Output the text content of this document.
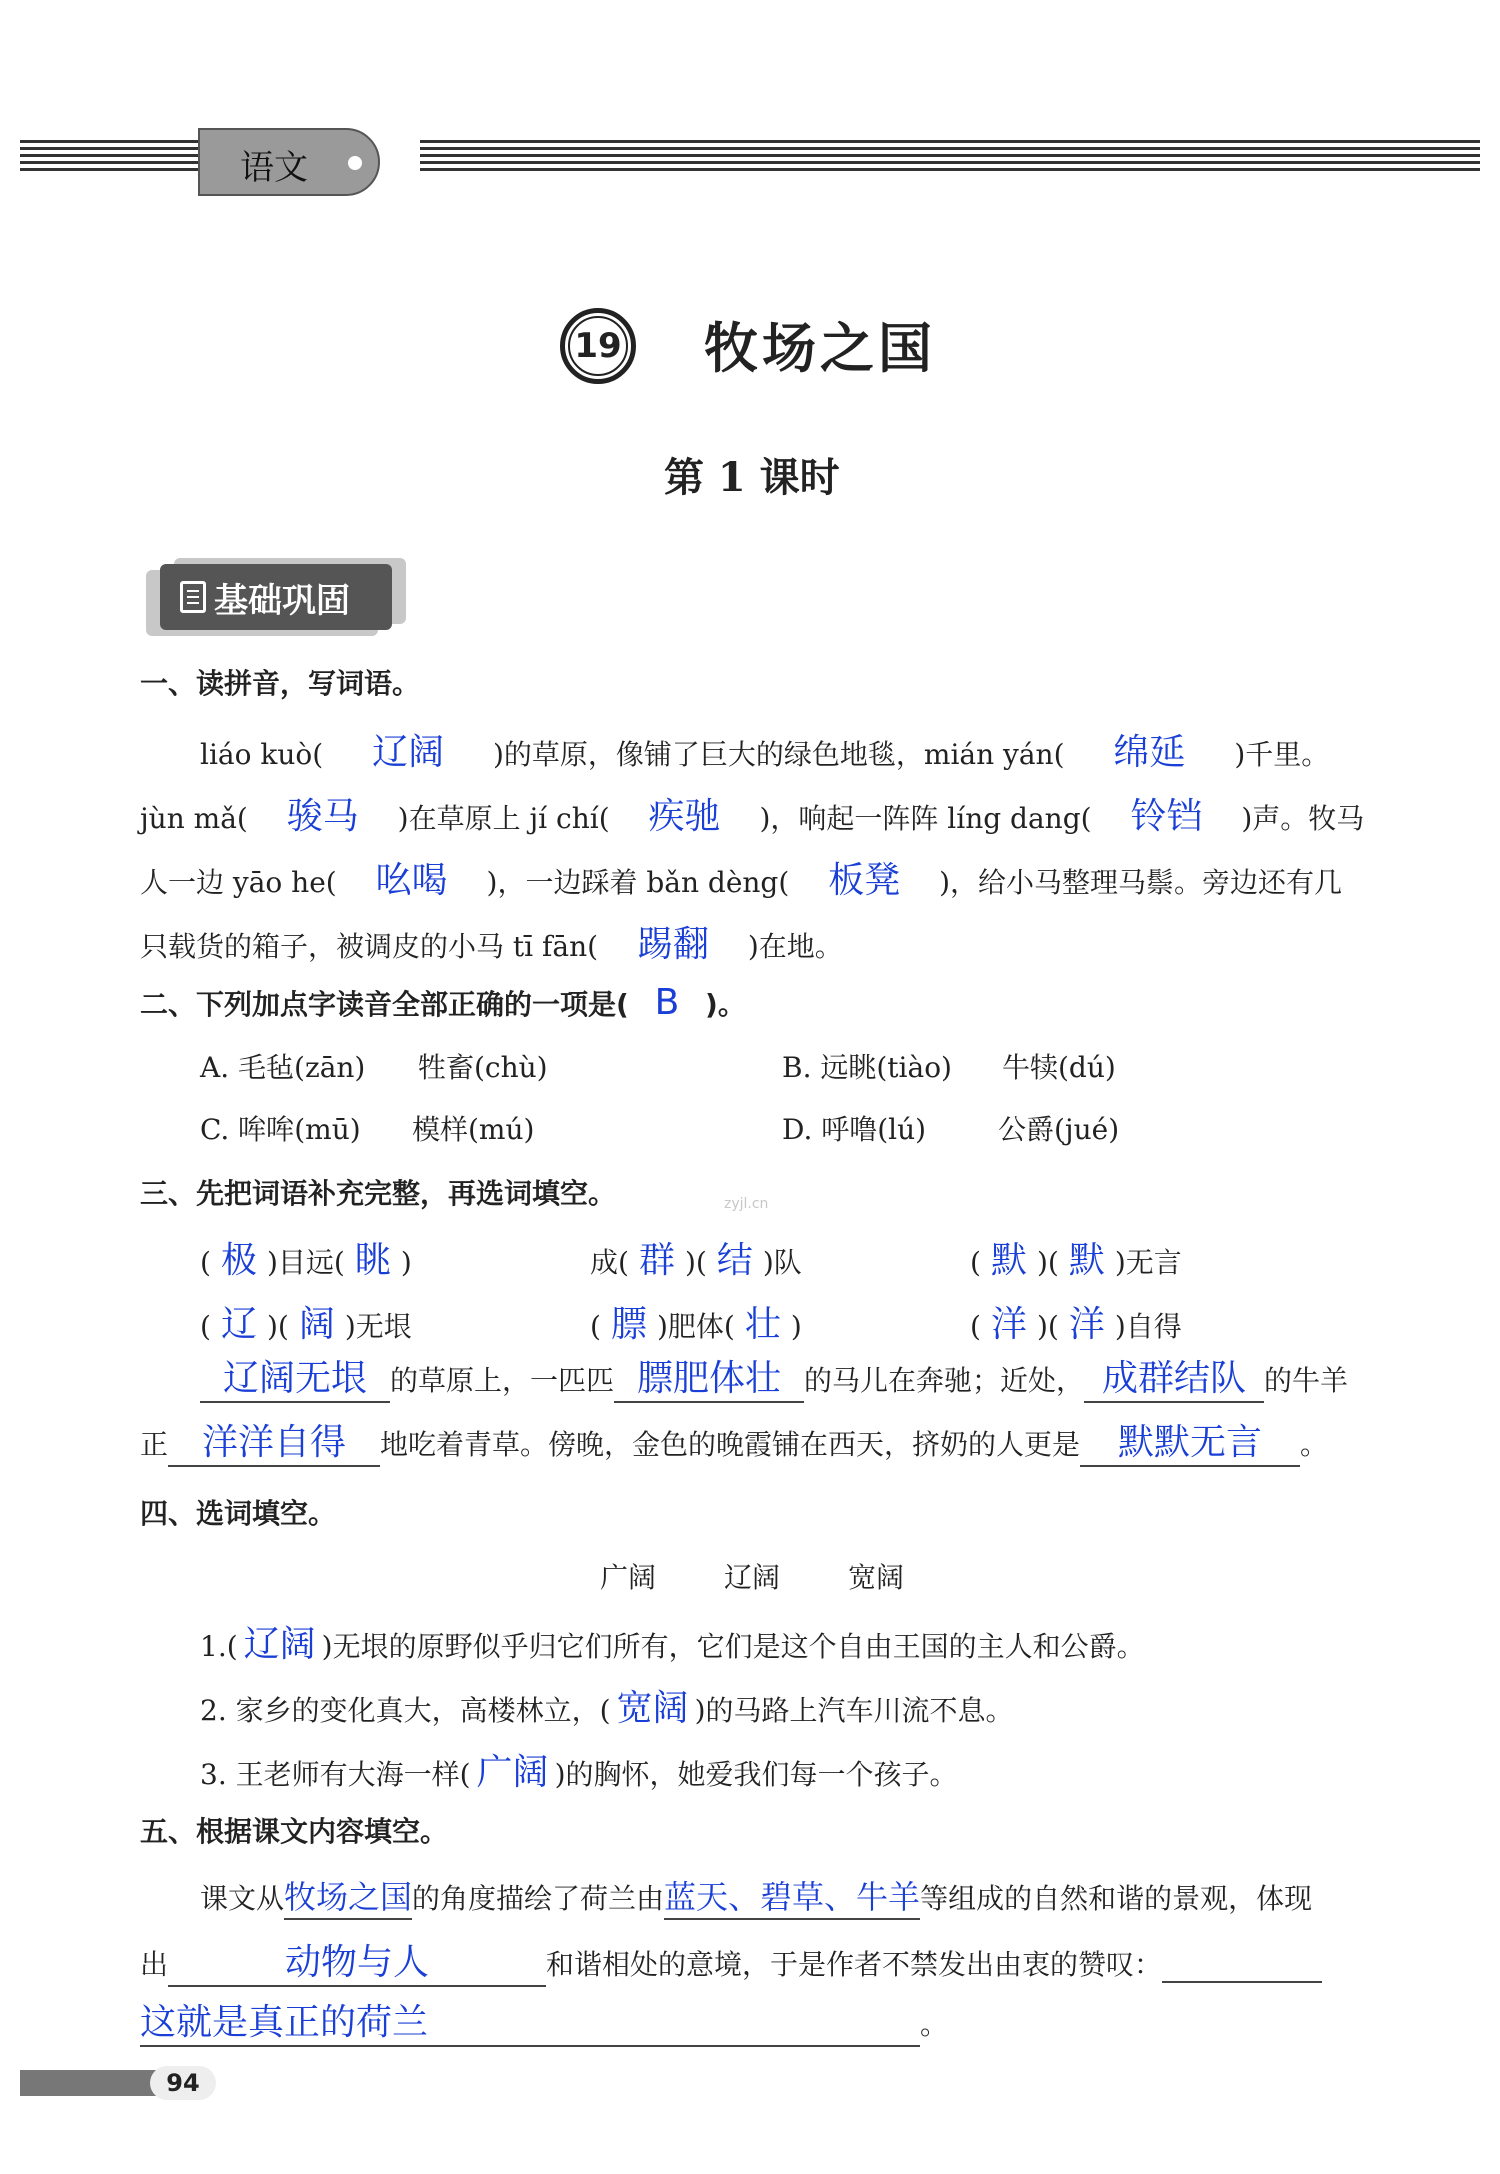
语文
19 牧场之国
第 1 课时
基础巩固
一、读拼音，写词语。
liáo kuò( 辽阔 )的草原，像铺了巨大的绿色地毯，mián yán( 绵延 )千里。
jùn mǎ( 骏马 )在草原上 jí chí( 疾驰 )，响起一阵阵 líng dang( 铃铛 )声。牧马
人一边 yāo he( 吆喝 )，一边踩着 bǎn dèng( 板凳 )，给小马整理马鬃。旁边还有几
只载货的箱子，被调皮的小马 tī fān( 踢翻 )在地。
二、下列加点字读音全部正确的一项是( B )。
A. 毛毡(zān) 牲畜(chù)	B. 远眺(tiào) 牛犊(dú)
C. 哞哞(mū) 模样(mú)	D. 呼噜(lú)	公爵(jué)
三、先把词语补充完整，再选词填空。	zyjl.cn
( 极 )目远( 眺 )	成( 群 )( 结 )队	( 默 )( 默 )无言
( 辽 )( 阔 )无垠	( 膘 )肥体( 壮 )	( 洋 )( 洋 )自得
辽阔无垠 的草原上，一匹匹 膘肥体壮 的马儿在奔驰；近处， 成群结队 的牛羊
正 洋洋自得 地吃着青草。傍晚，金色的晚霞铺在西天，挤奶的人更是 默默无言 。
四、选词填空。
广阔 辽阔 宽阔
1.( 辽阔 )无垠的原野似乎归它们所有，它们是这个自由王国的主人和公爵。
2. 家乡的变化真大，高楼林立，( 宽阔 )的马路上汽车川流不息。
3. 王老师有大海一样( 广阔 )的胸怀，她爱我们每一个孩子。
五、根据课文内容填空。
课文从牧场之国的角度描绘了荷兰由蓝天、碧草、牛羊等组成的自然和谐的景观，体现
出	动物与人	和谐相处的意境，于是作者不禁发出由衷的赞叹：
这就是真正的荷兰	。
94
